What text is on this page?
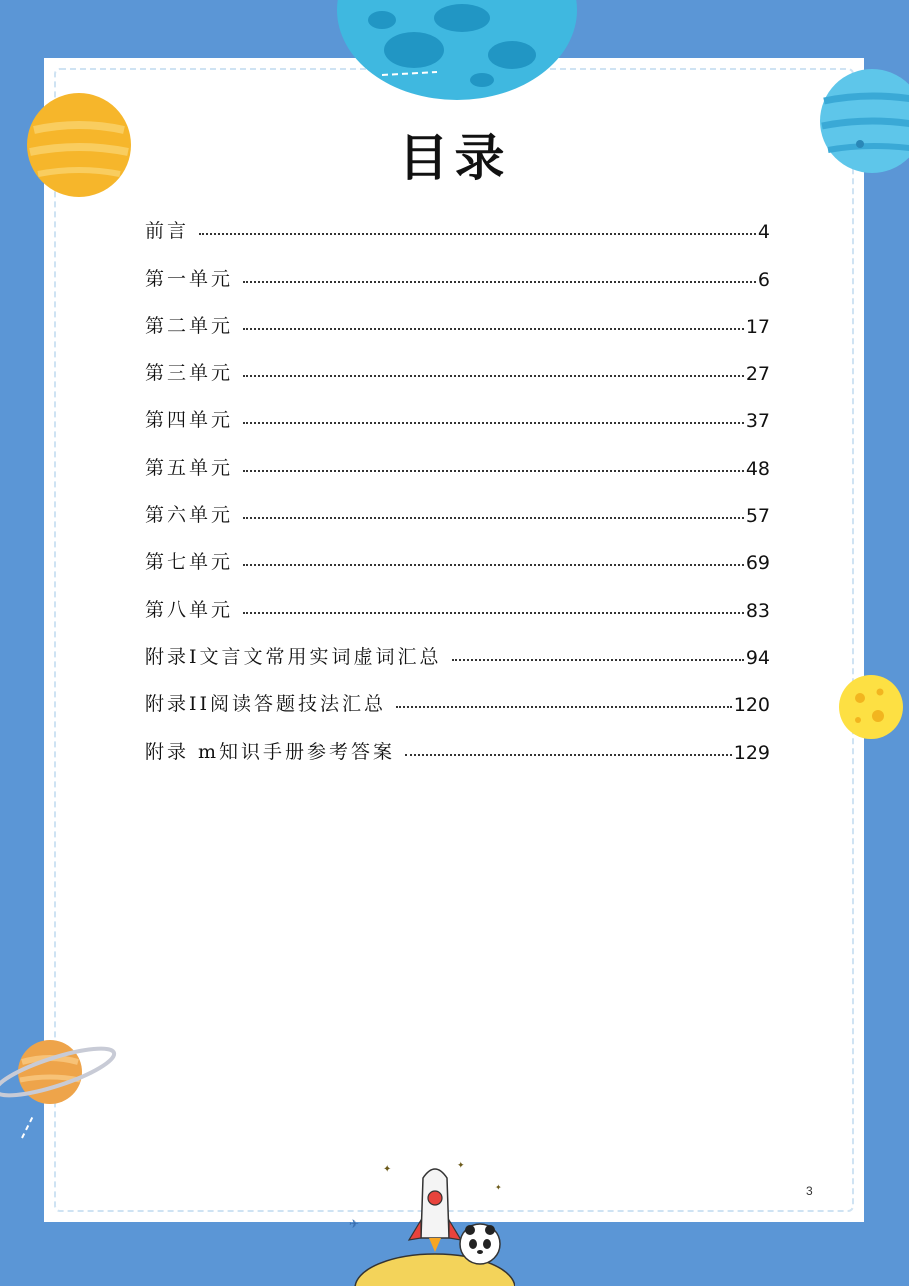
✦	✦
✦
✈
目录
前言	4
第一单元	6
第二单元	17
第三单元	27
第四单元	37
第五单元	48
第六单元	57
第七单元	69
第八单元	83
附录I文言文常用实词虚词汇总	94
附录II阅读答题技法汇总	120
附录 m知识手册参考答案	129
3
